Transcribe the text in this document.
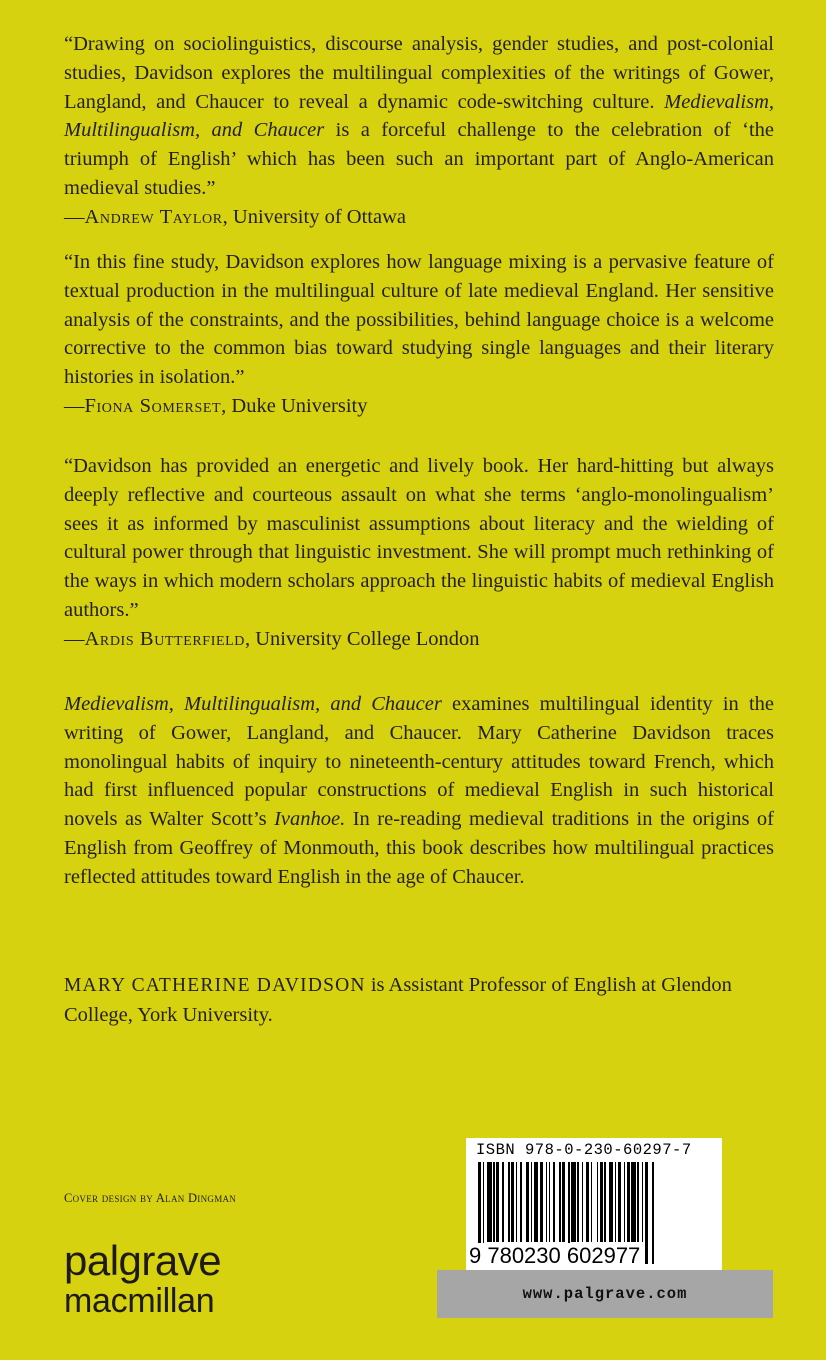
“Drawing on sociolinguistics, discourse analysis, gender studies, and post-colonial studies, Davidson explores the multilingual complexities of the writings of Gower, Langland, and Chaucer to reveal a dynamic code-switching culture. Medievalism, Multilingualism, and Chaucer is a forceful challenge to the celebration of ‘the triumph of English’ which has been such an important part of Anglo-American medieval studies.”

—Andrew Taylor, University of Ottawa

“In this fine study, Davidson explores how language mixing is a pervasive feature of textual production in the multilingual culture of late medieval England. Her sensitive analysis of the constraints, and the possibilities, behind language choice is a welcome corrective to the common bias toward studying single languages and their literary histories in isolation.”

—Fiona Somerset, Duke University

“Davidson has provided an energetic and lively book. Her hard-hitting but always deeply reflective and courteous assault on what she terms ‘anglo-monolingualism’ sees it as informed by masculinist assumptions about literacy and the wielding of cultural power through that linguistic investment. She will prompt much rethinking of the ways in which modern scholars approach the linguistic habits of medieval English authors.”

—Ardis Butterfield, University College London

Medievalism, Multilingualism, and Chaucer examines multilingual identity in the writing of Gower, Langland, and Chaucer. Mary Catherine Davidson traces monolingual habits of inquiry to nineteenth-century attitudes toward French, which had first influenced popular constructions of medieval English in such historical novels as Walter Scott’s Ivanhoe. In re-reading medieval traditions in the origins of English from Geoffrey of Monmouth, this book describes how multilingual practices reflected attitudes toward English in the age of Chaucer.

MARY CATHERINE DAVIDSON is Assistant Professor of English at Glendon College, York University.

Cover design by Alan Dingman

palgrave
macmillan

ISBN 978-0-230-60297-7

9 780230 602977

www.palgrave.com
